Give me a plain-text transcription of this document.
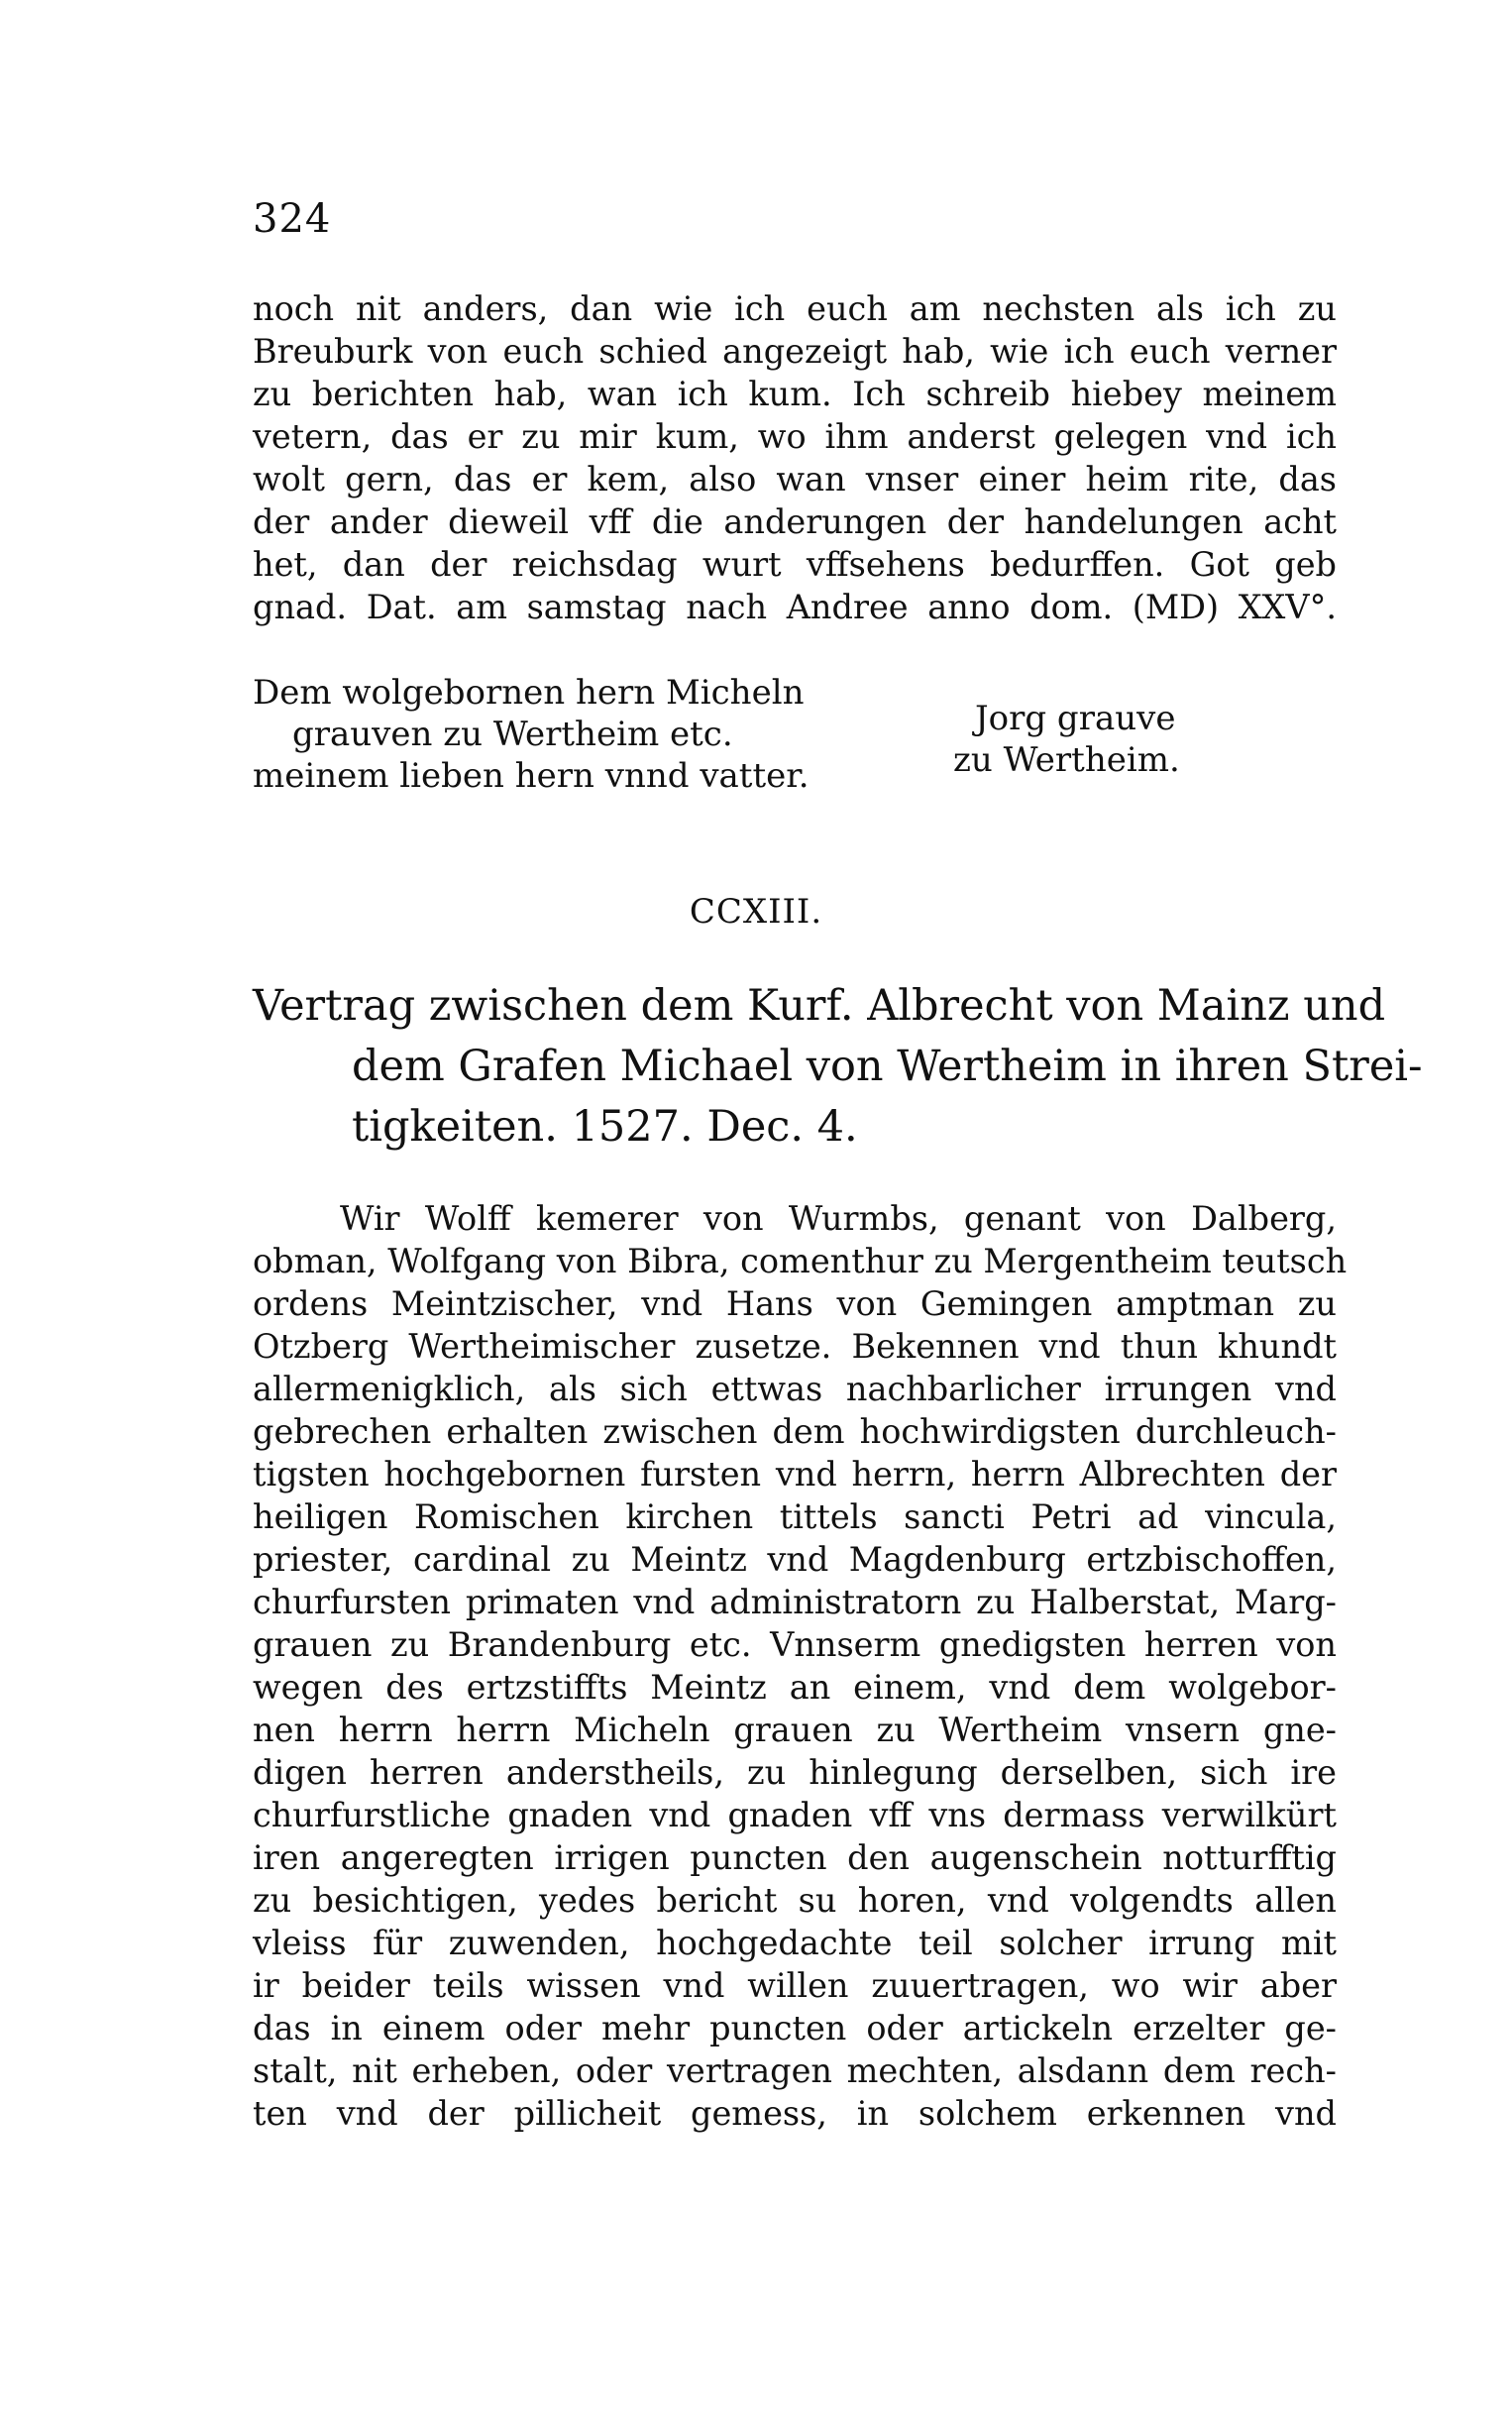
324
noch nit anders, dan wie ich euch am nechsten als ich zu
Breuburk von euch schied angezeigt hab, wie ich euch verner
zu berichten hab, wan ich kum. Ich schreib hiebey meinem
vetern, das er zu mir kum, wo ihm anderst gelegen vnd ich
wolt gern, das er kem, also wan vnser einer heim rite, das
der ander dieweil vff die anderungen der handelungen acht
het, dan der reichsdag wurt vffsehens bedurffen. Got geb
gnad. Dat. am samstag nach Andree anno dom. (MD) XXV°.
Dem wolgebornen hern Micheln
grauven zu Wertheim etc.
meinem lieben hern vnnd vatter.
Jorg grauve
zu Wertheim.
CCXIII.
Vertrag zwischen dem Kurf. Albrecht von Mainz und
dem Grafen Michael von Wertheim in ihren Strei-
tigkeiten. 1527. Dec. 4.
Wir Wolff kemerer von Wurmbs, genant von Dalberg,
obman, Wolfgang von Bibra, comenthur zu Mergentheim teutsch
ordens Meintzischer, vnd Hans von Gemingen amptman zu
Otzberg Wertheimischer zusetze. Bekennen vnd thun khundt
allermenigklich, als sich ettwas nachbarlicher irrungen vnd
gebrechen erhalten zwischen dem hochwirdigsten durchleuch-
tigsten hochgebornen fursten vnd herrn, herrn Albrechten der
heiligen Romischen kirchen tittels sancti Petri ad vincula,
priester, cardinal zu Meintz vnd Magdenburg ertzbischoffen,
churfursten primaten vnd administratorn zu Halberstat, Marg-
grauen zu Brandenburg etc. Vnnserm gnedigsten herren von
wegen des ertzstiffts Meintz an einem, vnd dem wolgebor-
nen herrn herrn Micheln grauen zu Wertheim vnsern gne-
digen herren anderstheils, zu hinlegung derselben, sich ire
churfurstliche gnaden vnd gnaden vff vns dermass verwilkürt
iren angeregten irrigen puncten den augenschein notturfftig
zu besichtigen, yedes bericht su horen, vnd volgendts allen
vleiss für zuwenden, hochgedachte teil solcher irrung mit
ir beider teils wissen vnd willen zuuertragen, wo wir aber
das in einem oder mehr puncten oder artickeln erzelter ge-
stalt, nit erheben, oder vertragen mechten, alsdann dem rech-
ten vnd der pillicheit gemess, in solchem erkennen vnd
